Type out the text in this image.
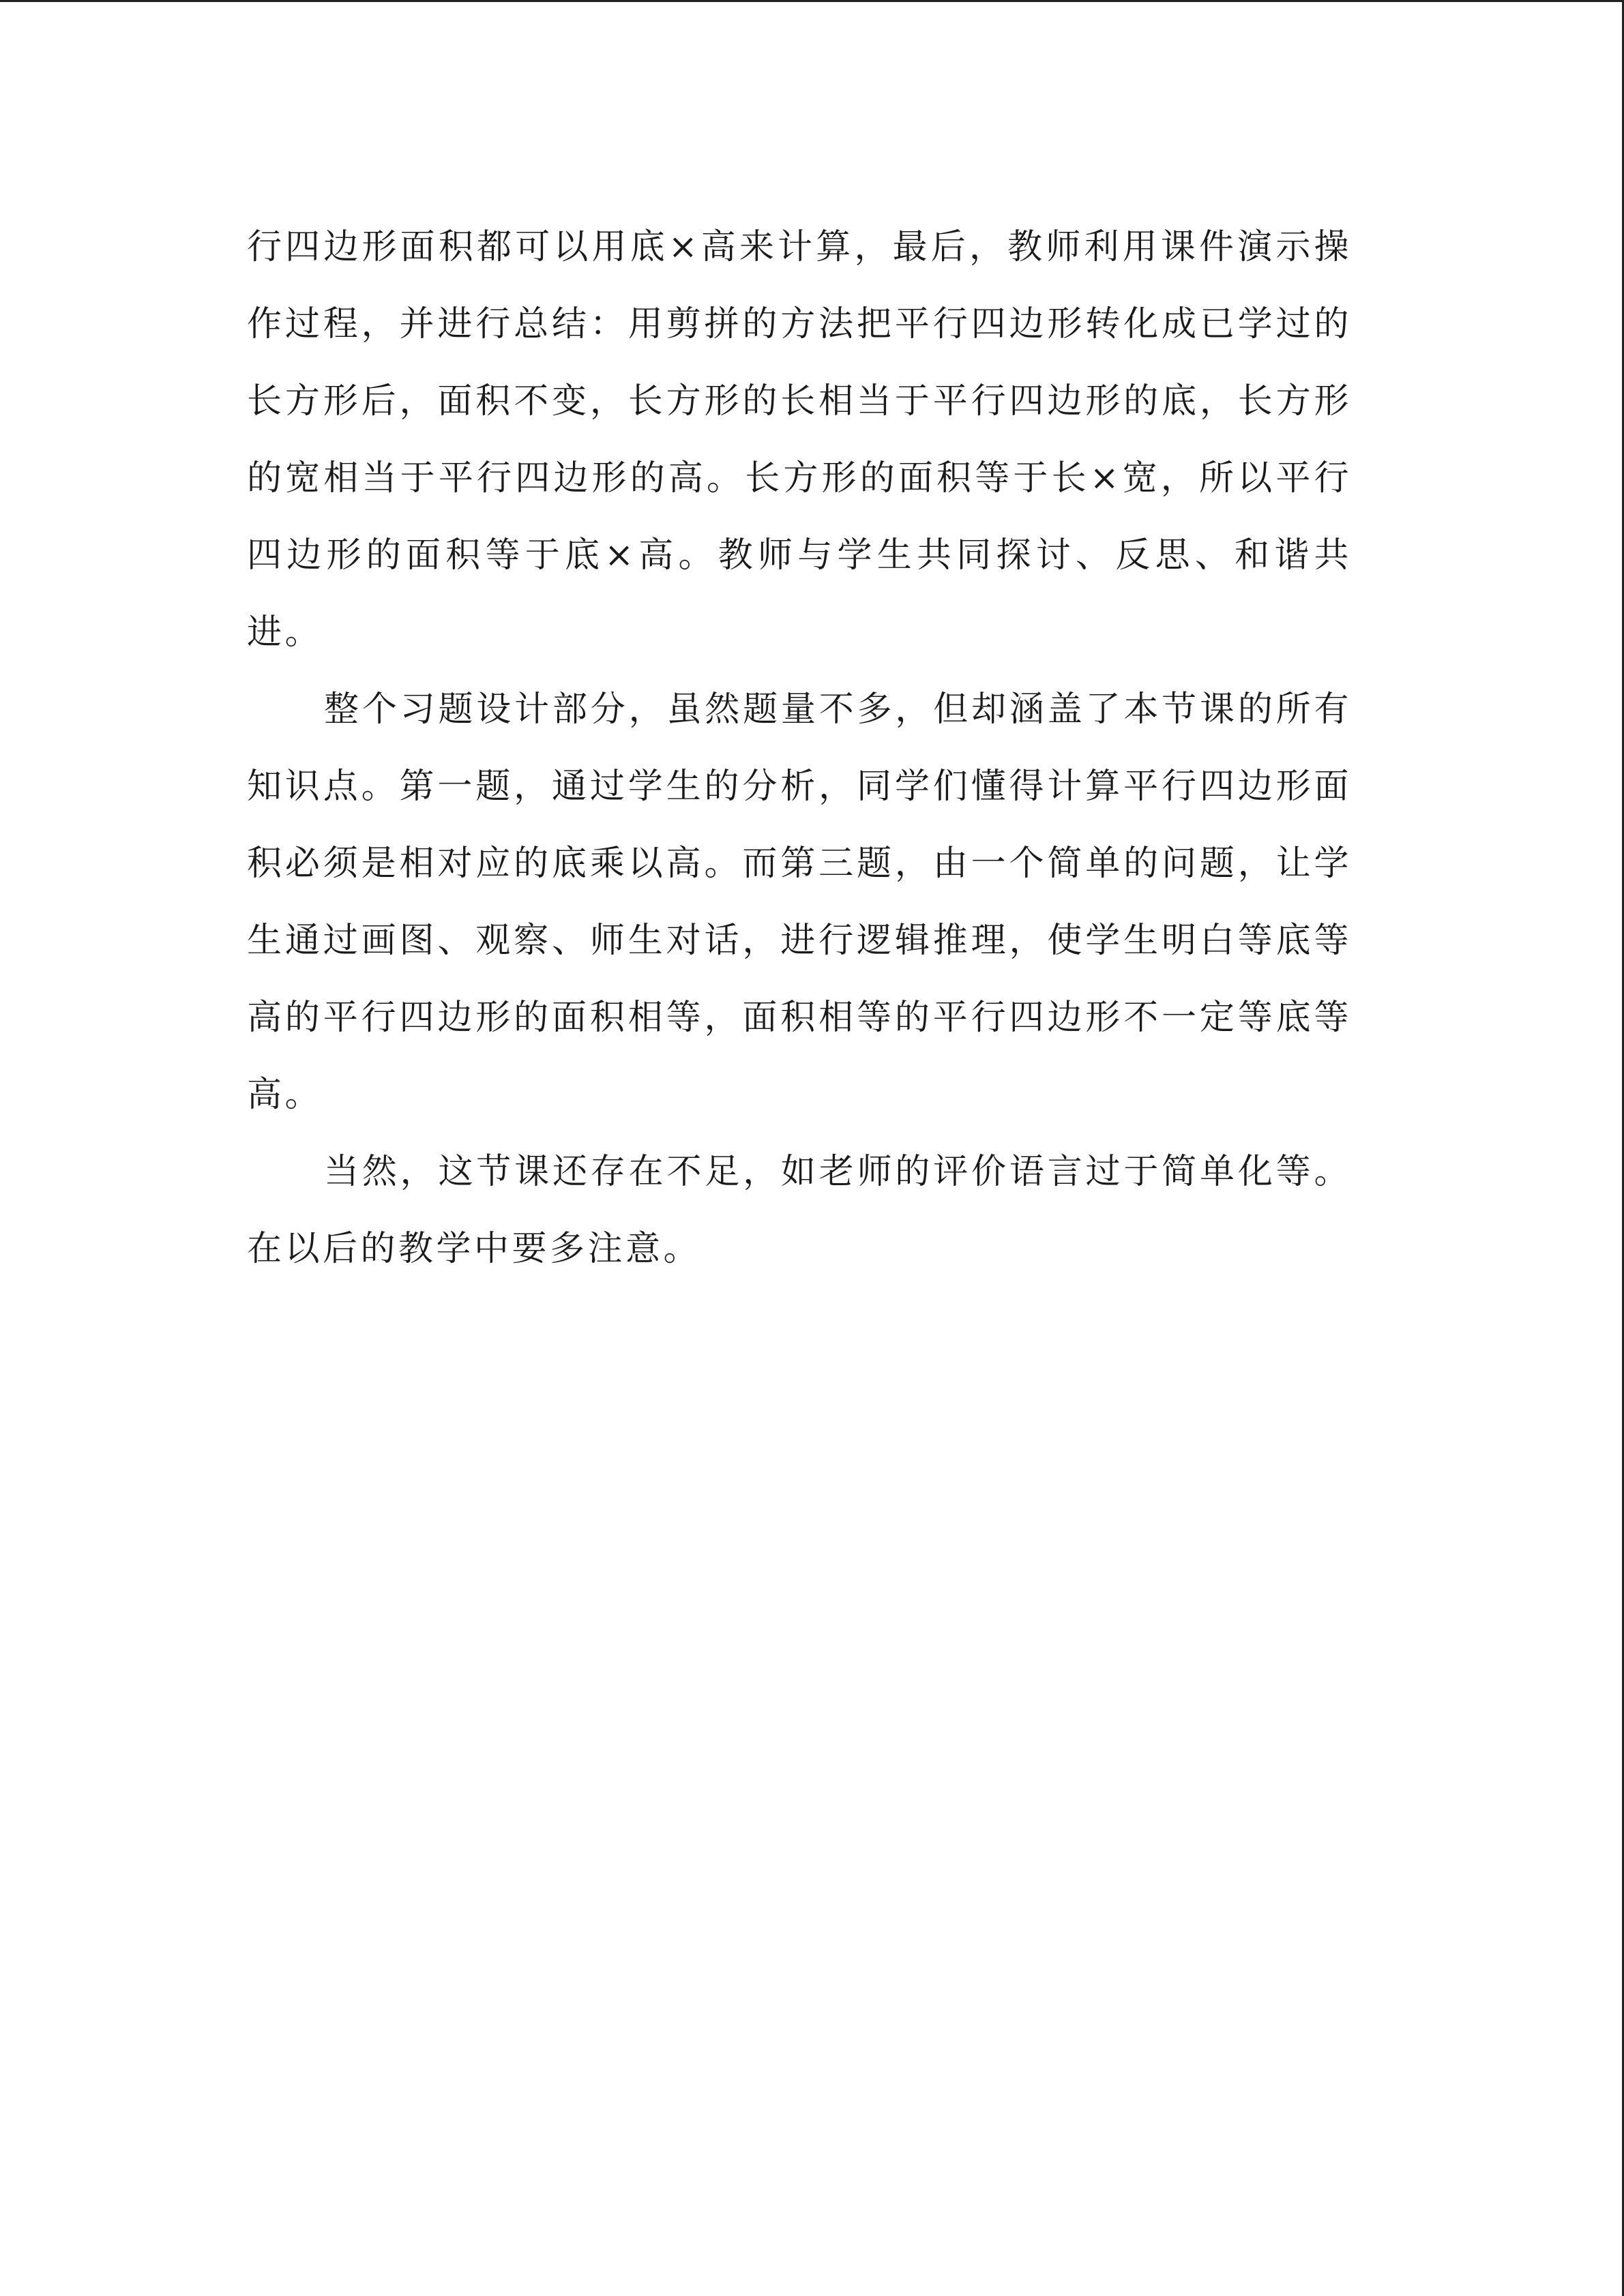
行四边形面积都可以用底×高来计算，最后，教师利用课件演示操作过程，并进行总结：用剪拼的方法把平行四边形转化成已学过的长方形后，面积不变，长方形的长相当于平行四边形的底，长方形的宽相当于平行四边形的高。长方形的面积等于长×宽，所以平行四边形的面积等于底×高。教师与学生共同探讨、反思、和谐共进。

整个习题设计部分，虽然题量不多，但却涵盖了本节课的所有知识点。第一题，通过学生的分析，同学们懂得计算平行四边形面积必须是相对应的底乘以高。而第三题，由一个简单的问题，让学生通过画图、观察、师生对话，进行逻辑推理，使学生明白等底等高的平行四边形的面积相等，面积相等的平行四边形不一定等底等高。

当然，这节课还存在不足，如老师的评价语言过于简单化等。在以后的教学中要多注意。
